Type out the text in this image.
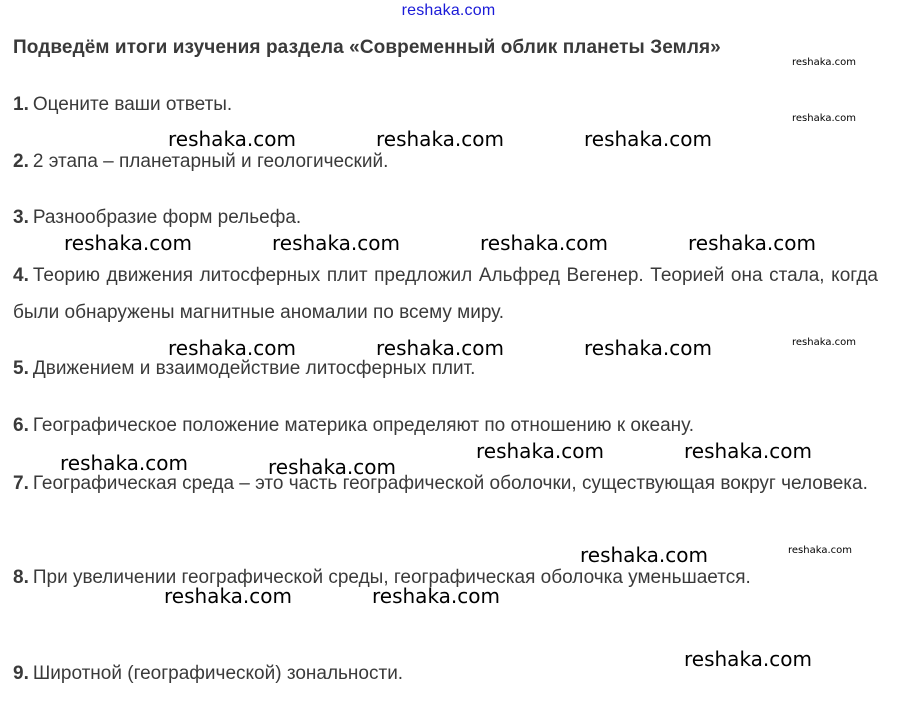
reshaka.com
Подведём итоги изучения раздела «Современный облик планеты Земля»
1. Оцените ваши ответы.
2. 2 этапа – планетарный и геологический.
3. Разнообразие форм рельефа.
4. Теорию движения литосферных плит предложил Альфред Вегенер. Теорией она стала, когда были обнаружены магнитные аномалии по всему миру.
5. Движением и взаимодействие литосферных плит.
6. Географическое положение материка определяют по отношению к океану.
7. Географическая среда – это часть географической оболочки, существующая вокруг человека.
8. При увеличении географической среды, географическая оболочка уменьшается.
9. Широтной (географической) зональности.
reshaka.com
reshaka.com
reshaka.com	reshaka.com	reshaka.com
reshaka.com	reshaka.com	reshaka.com	reshaka.com
reshaka.com	reshaka.com	reshaka.com	reshaka.com
reshaka.com	reshaka.com
reshaka.com	reshaka.com
reshaka.com	reshaka.com
reshaka.com	reshaka.com
reshaka.com
